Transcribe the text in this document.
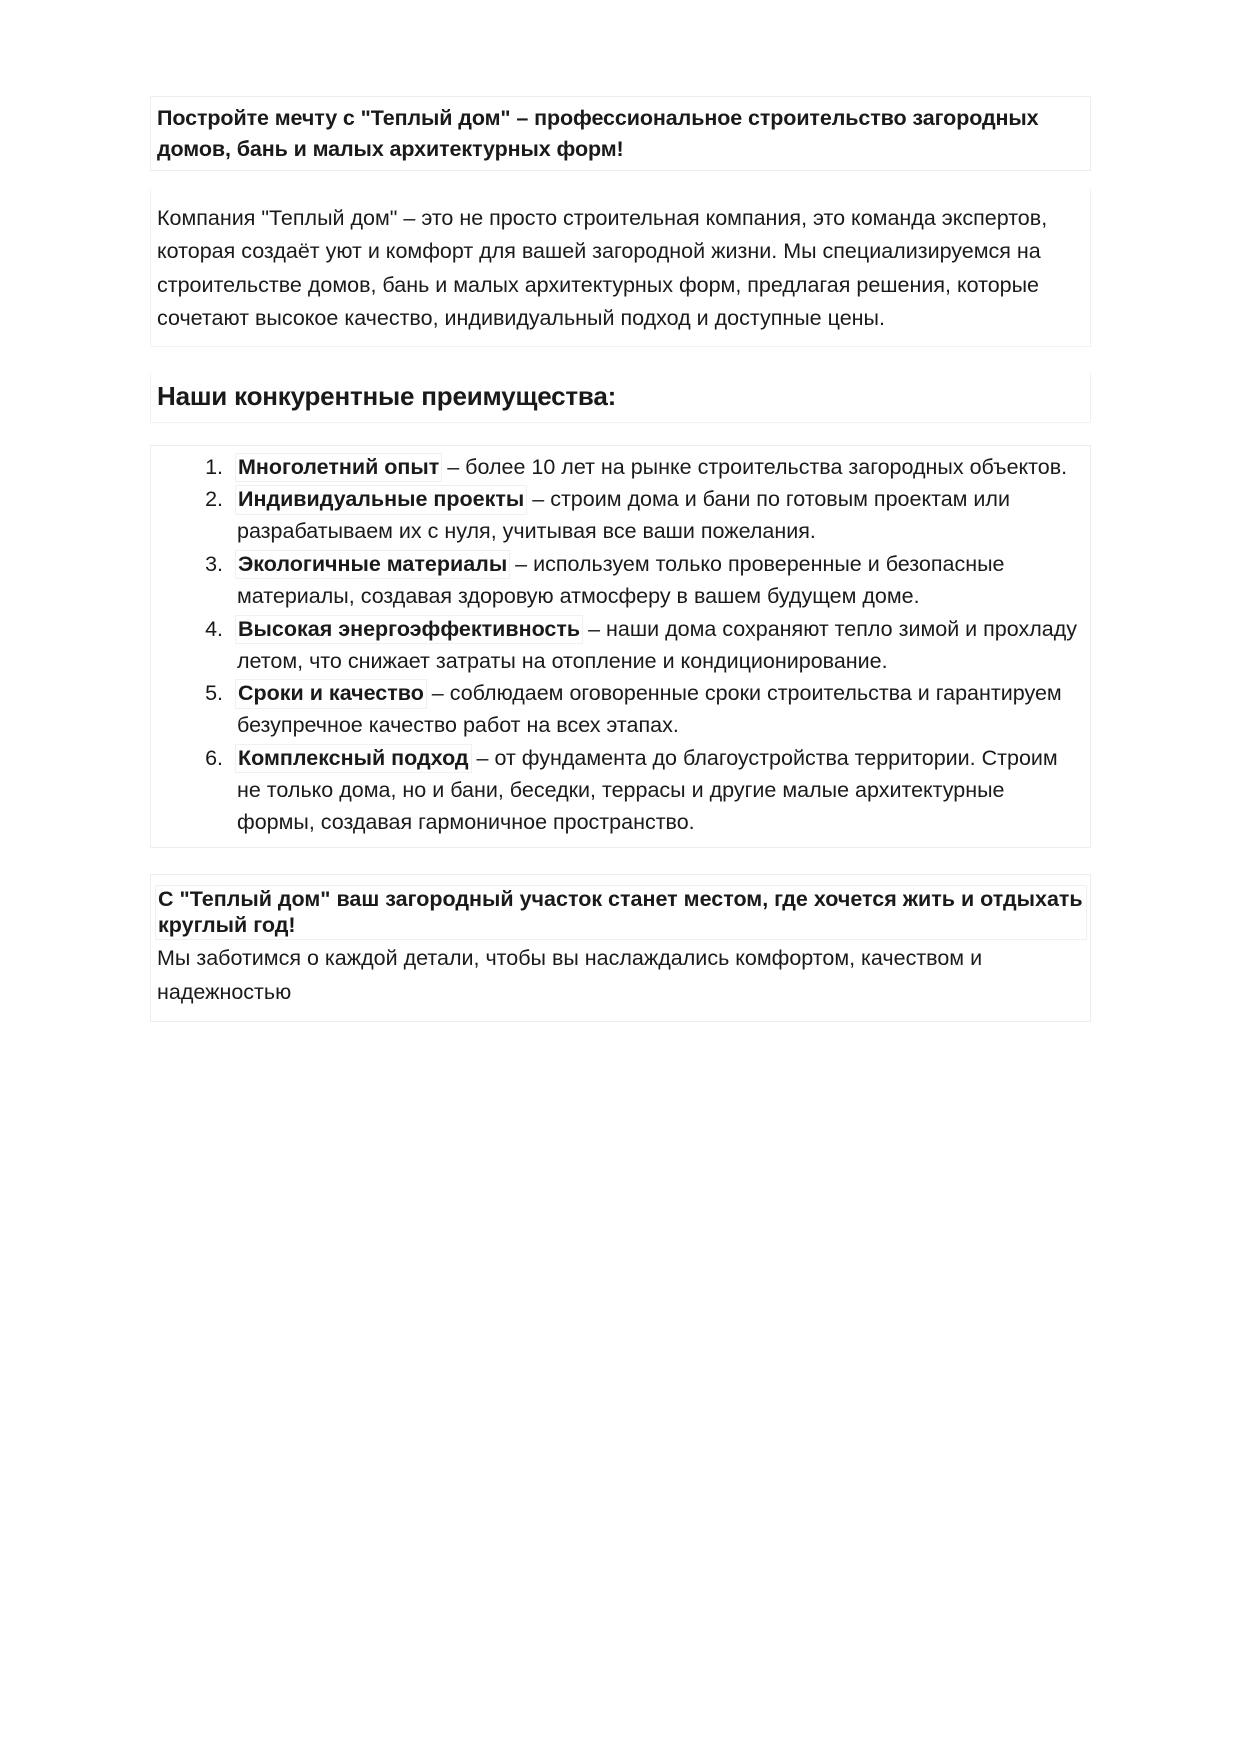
Постройте мечту с "Теплый дом" – профессиональное строительство загородных домов, бань и малых архитектурных форм!
Компания "Теплый дом" – это не просто строительная компания, это команда экспертов, которая создаёт уют и комфорт для вашей загородной жизни. Мы специализируемся на строительстве домов, бань и малых архитектурных форм, предлагая решения, которые сочетают высокое качество, индивидуальный подход и доступные цены.
Наши конкурентные преимущества:
1. Многолетний опыт – более 10 лет на рынке строительства загородных объектов.
2. Индивидуальные проекты – строим дома и бани по готовым проектам или разрабатываем их с нуля, учитывая все ваши пожелания.
3. Экологичные материалы – используем только проверенные и безопасные материалы, создавая здоровую атмосферу в вашем будущем доме.
4. Высокая энергоэффективность – наши дома сохраняют тепло зимой и прохладу летом, что снижает затраты на отопление и кондиционирование.
5. Сроки и качество – соблюдаем оговоренные сроки строительства и гарантируем безупречное качество работ на всех этапах.
6. Комплексный подход – от фундамента до благоустройства территории. Строим не только дома, но и бани, беседки, террасы и другие малые архитектурные формы, создавая гармоничное пространство.
С "Теплый дом" ваш загородный участок станет местом, где хочется жить и отдыхать круглый год! Мы заботимся о каждой детали, чтобы вы наслаждались комфортом, качеством и надежностью
